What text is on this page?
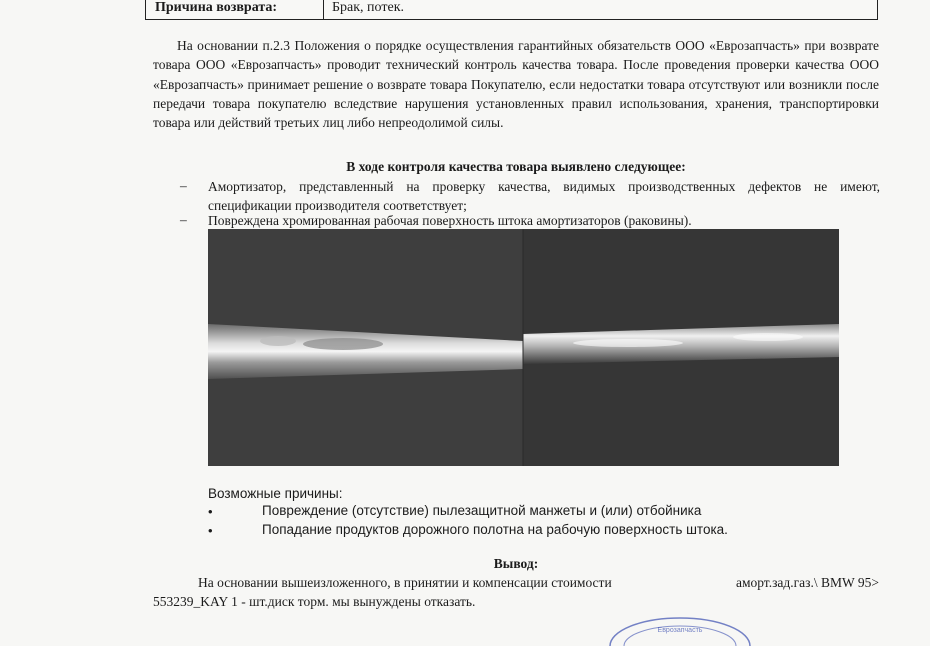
Причина возврата:	Брак, потек.
На основании п.2.3 Положения о порядке осуществления гарантийных обязательств ООО «Еврозапчасть» при возврате товара ООО «Еврозапчасть» проводит технический контроль качества товара. После проведения проверки качества ООО «Еврозапчасть» принимает решение о возврате товара Покупателю, если недостатки товара отсутствуют или возникли после передачи товара покупателю вследствие нарушения установленных правил использования, хранения, транспортировки товара или действий третьих лиц либо непреодолимой силы.
В ходе контроля качества товара выявлено следующее:
– Амортизатор, представленный на проверку качества, видимых производственных дефектов не имеют, спецификации производителя соответствует;
– Повреждена хромированная рабочая поверхность штока амортизаторов (раковины).
Возможные причины:
•	Повреждение (отсутствие) пылезащитной манжеты и (или) отбойника
•	Попадание продуктов дорожного полотна на рабочую поверхность штока.
Вывод:
На основании вышеизложенного, в принятии и компенсации стоимости	аморт.зад.газ.\ BMW 95>
553239_KAY 1 - шт.диск торм. мы вынуждены отказать.
Еврозапчасть
